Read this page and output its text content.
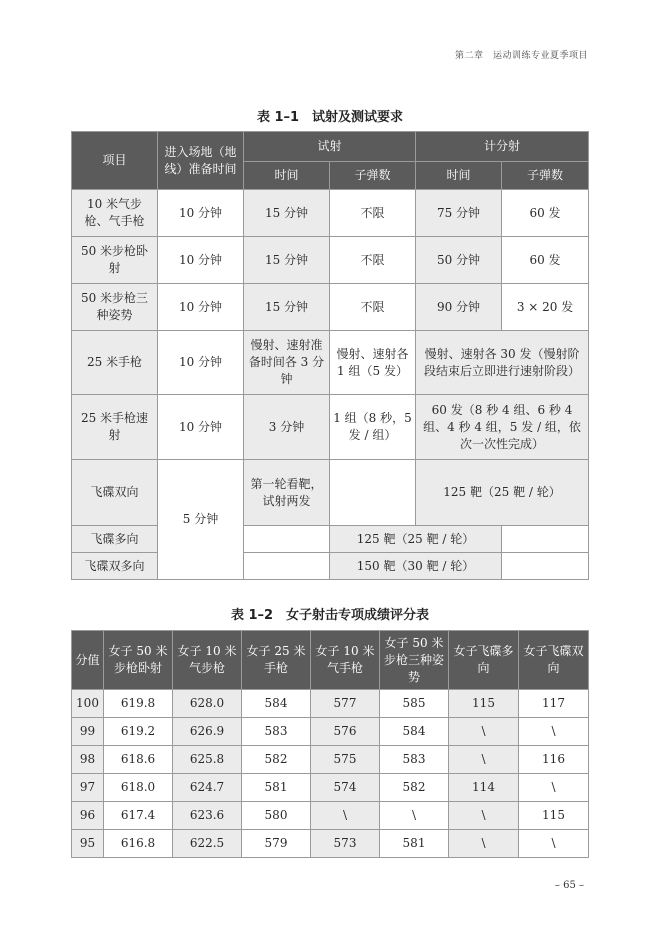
第二章　运动训练专业夏季项目
表 1–1　试射及测试要求
项目	进入场地（地线）准备时间	试射		计分射	
		时间	子弹数	时间	子弹数
10 米气步枪、气手枪	10 分钟	15 分钟	不限	75 分钟	60 发
50 米步枪卧射	10 分钟	15 分钟	不限	50 分钟	60 发
50 米步枪三种姿势	10 分钟	15 分钟	不限	90 分钟	3 × 20 发
25 米手枪	10 分钟	慢射、速射准备时间各 3 分钟	慢射、速射各 1 组（5 发）	慢射、速射各 30 发（慢射阶段结束后立即进行速射阶段）	
25 米手枪速射	10 分钟	3 分钟	1 组（8 秒，5 发 / 组）	60 发（8 秒 4 组、6 秒 4 组、4 秒 4 组，5 发 / 组，依次一次性完成）	
飞碟双向	5 分钟	第一轮看靶，试射两发		125 靶（25 靶 / 轮）	
飞碟多向			125 靶（25 靶 / 轮）		
飞碟双多向			150 靶（30 靶 / 轮）		
表 1–2　女子射击专项成绩评分表
分值	女子 50 米步枪卧射	女子 10 米气步枪	女子 25 米手枪	女子 10 米气手枪	女子 50 米步枪三种姿势	女子飞碟多向	女子飞碟双向
100	619.8	628.0	584	577	585	115	117
99	619.2	626.9	583	576	584	\	\
98	618.6	625.8	582	575	583	\	116
97	618.0	624.7	581	574	582	114	\
96	617.4	623.6	580	\	\	\	115
95	616.8	622.5	579	573	581	\	\
– 65 –
